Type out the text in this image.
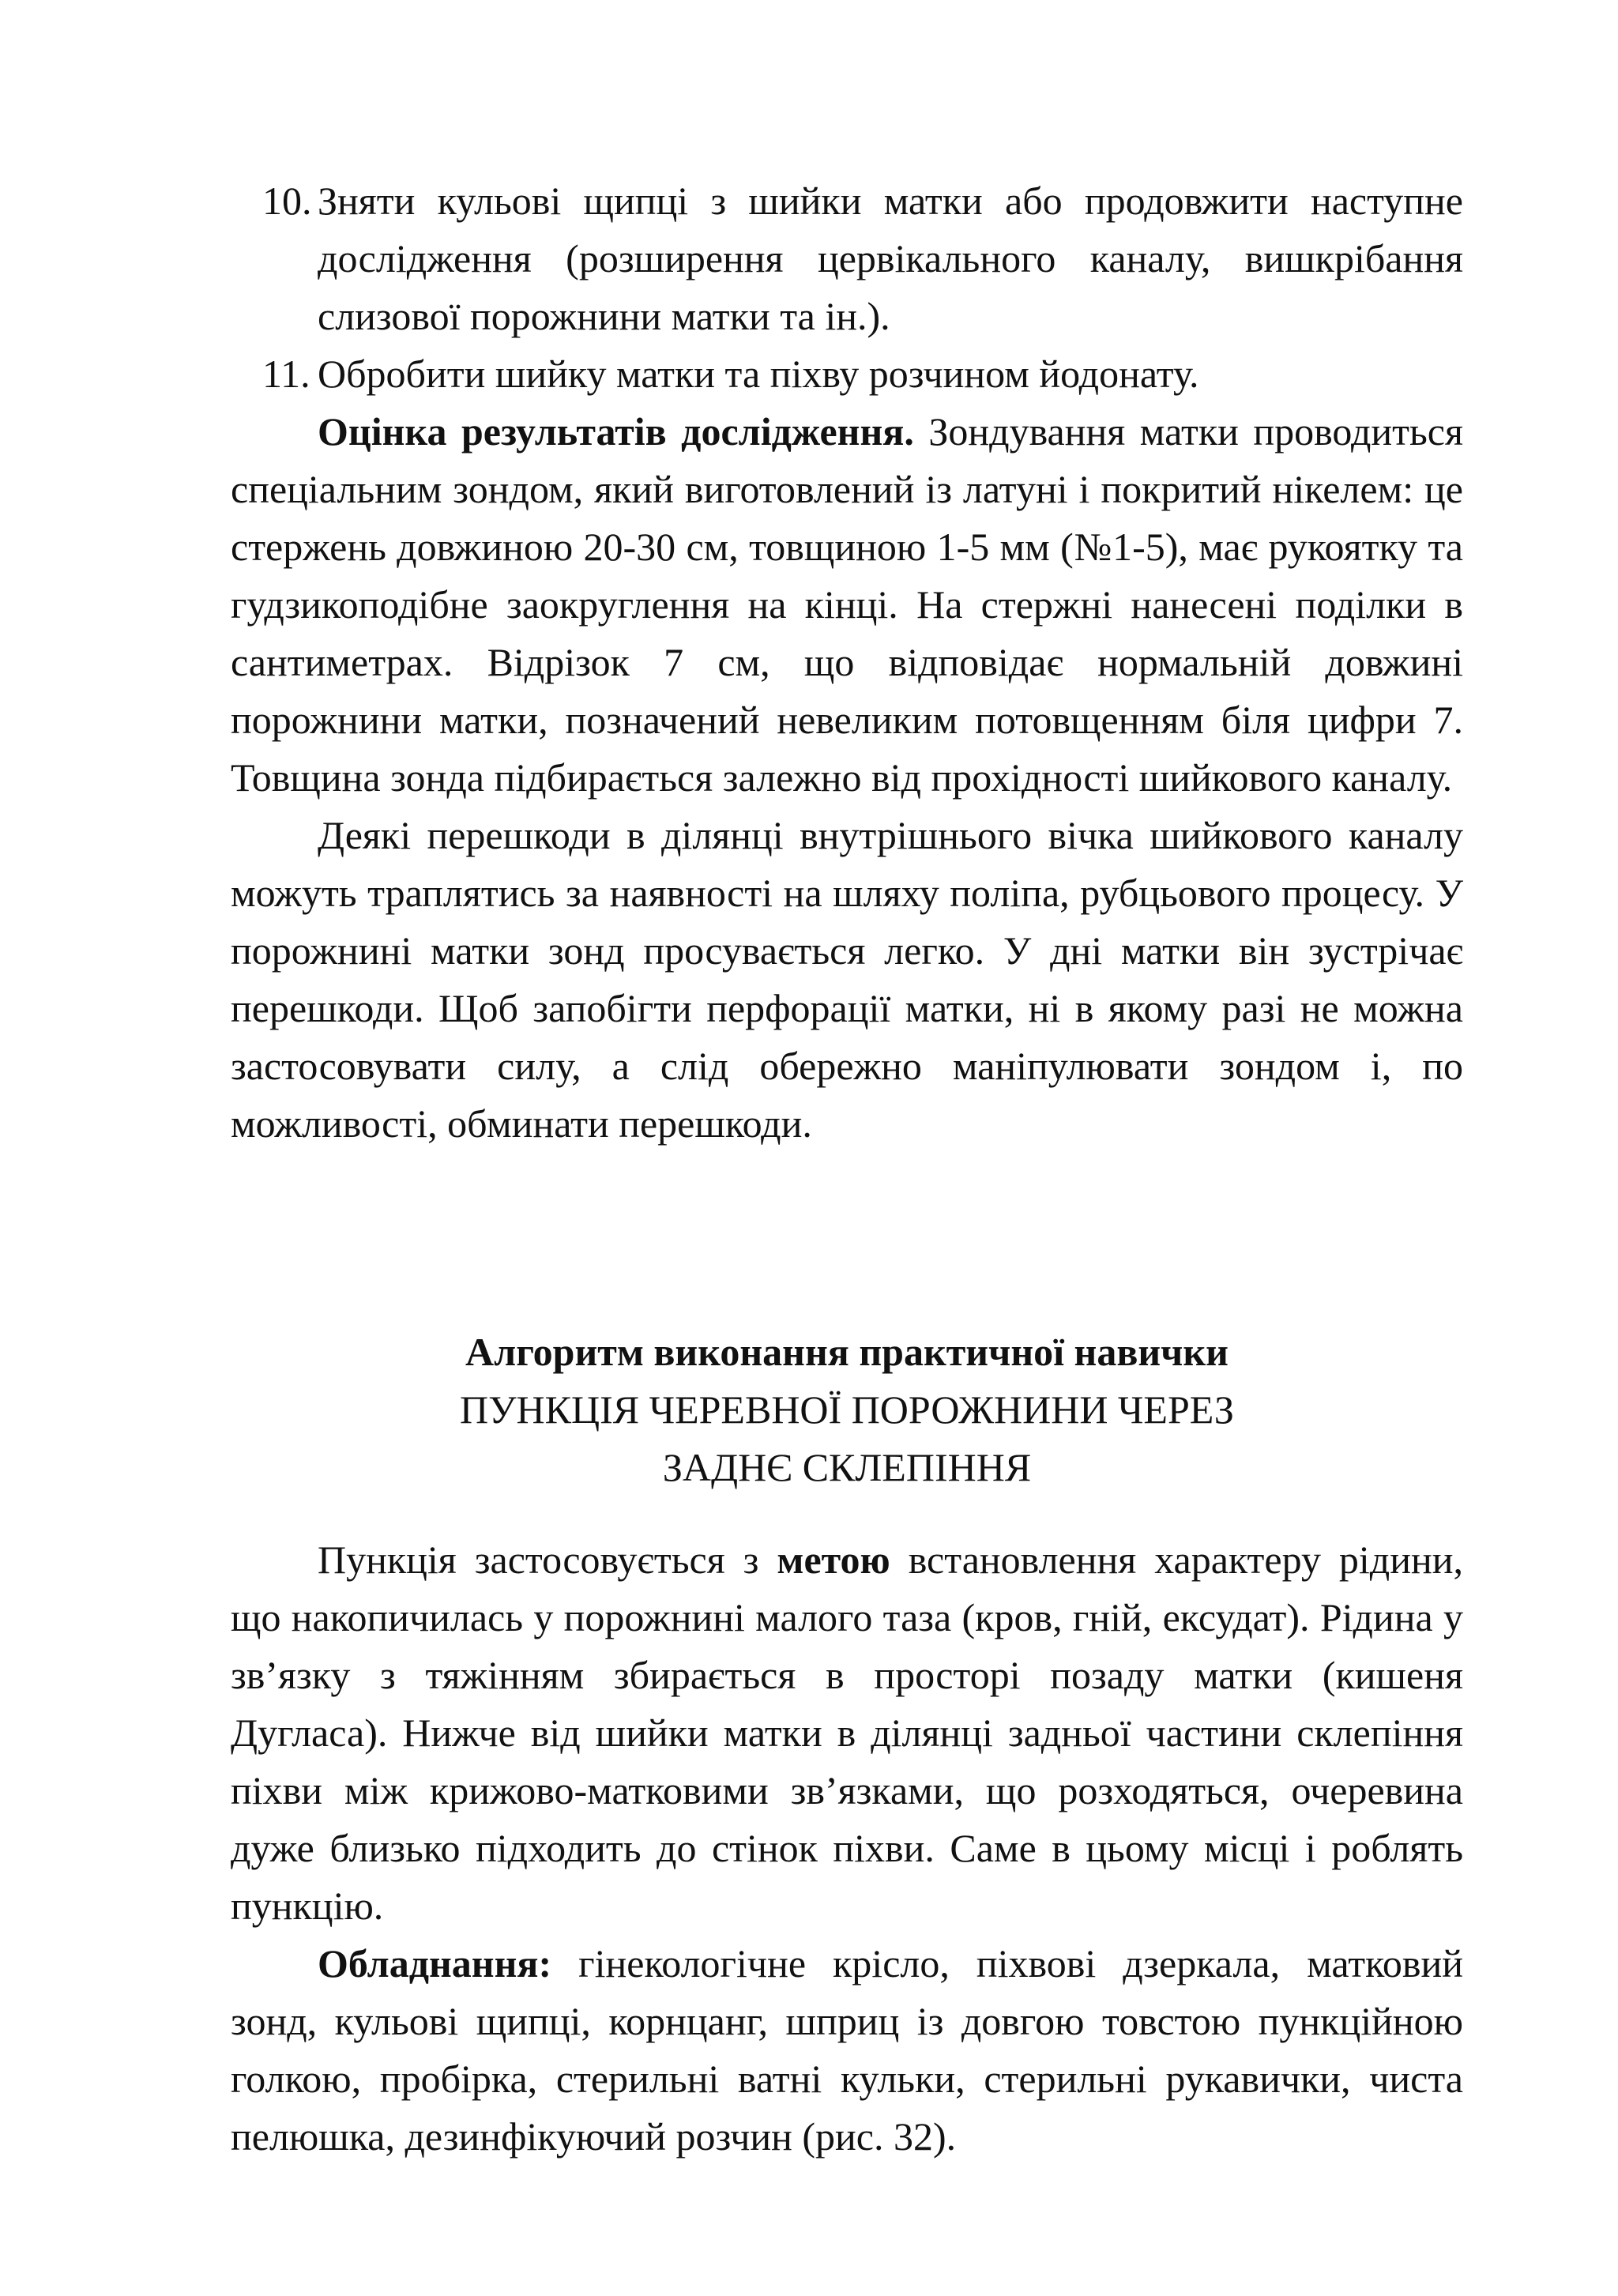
10. Зняти кульові щипці з шийки матки або продовжити наступне дослідження (розширення цервікального каналу, вишкрібання слизової порожнини матки та ін.).
11. Обробити шийку матки та піхву розчином йодонату.

Оцінка результатів дослідження. Зондування матки проводиться спеціальним зондом, який виготовлений із латуні і покритий нікелем: це стержень довжиною 20-30 см, товщиною 1-5 мм (№1-5), має рукоятку та гудзикоподібне заокруглення на кінці. На стержні нанесені поділки в сантиметрах. Відрізок 7 см, що відповідає нормальній довжині порожнини матки, позначений невеликим потовщенням біля цифри 7. Товщина зонда підбирається залежно від прохідності шийкового каналу.

Деякі перешкоди в ділянці внутрішнього вічка шийкового каналу можуть траплятись за наявності на шляху поліпа, рубцьового процесу. У порожнині матки зонд просувається легко. У дні матки він зустрічає перешкоди. Щоб запобігти перфорації матки, ні в якому разі не можна застосовувати силу, а слід обережно маніпулювати зондом і, по можливості, обминати перешкоди.

Алгоритм виконання практичної навички
ПУНКЦІЯ ЧЕРЕВНОЇ ПОРОЖНИНИ ЧЕРЕЗ
ЗАДНЄ СКЛЕПІННЯ

Пункція застосовується з метою встановлення характеру рідини, що накопичилась у порожнині малого таза (кров, гній, ексудат). Рідина у зв’язку з тяжінням збирається в просторі позаду матки (кишеня Дугласа). Нижче від шийки матки в ділянці задньої частини склепіння піхви між крижово-матковими зв’язками, що розходяться, очеревина дуже близько підходить до стінок піхви. Саме в цьому місці і роблять пункцію.

Обладнання: гінекологічне крісло, піхвові дзеркала, матковий зонд, кульові щипці, корнцанг, шприц із довгою товстою пункційною голкою, пробірка, стерильні ватні кульки, стерильні рукавички, чиста пелюшка, дезинфікуючий розчин (рис. 32).
